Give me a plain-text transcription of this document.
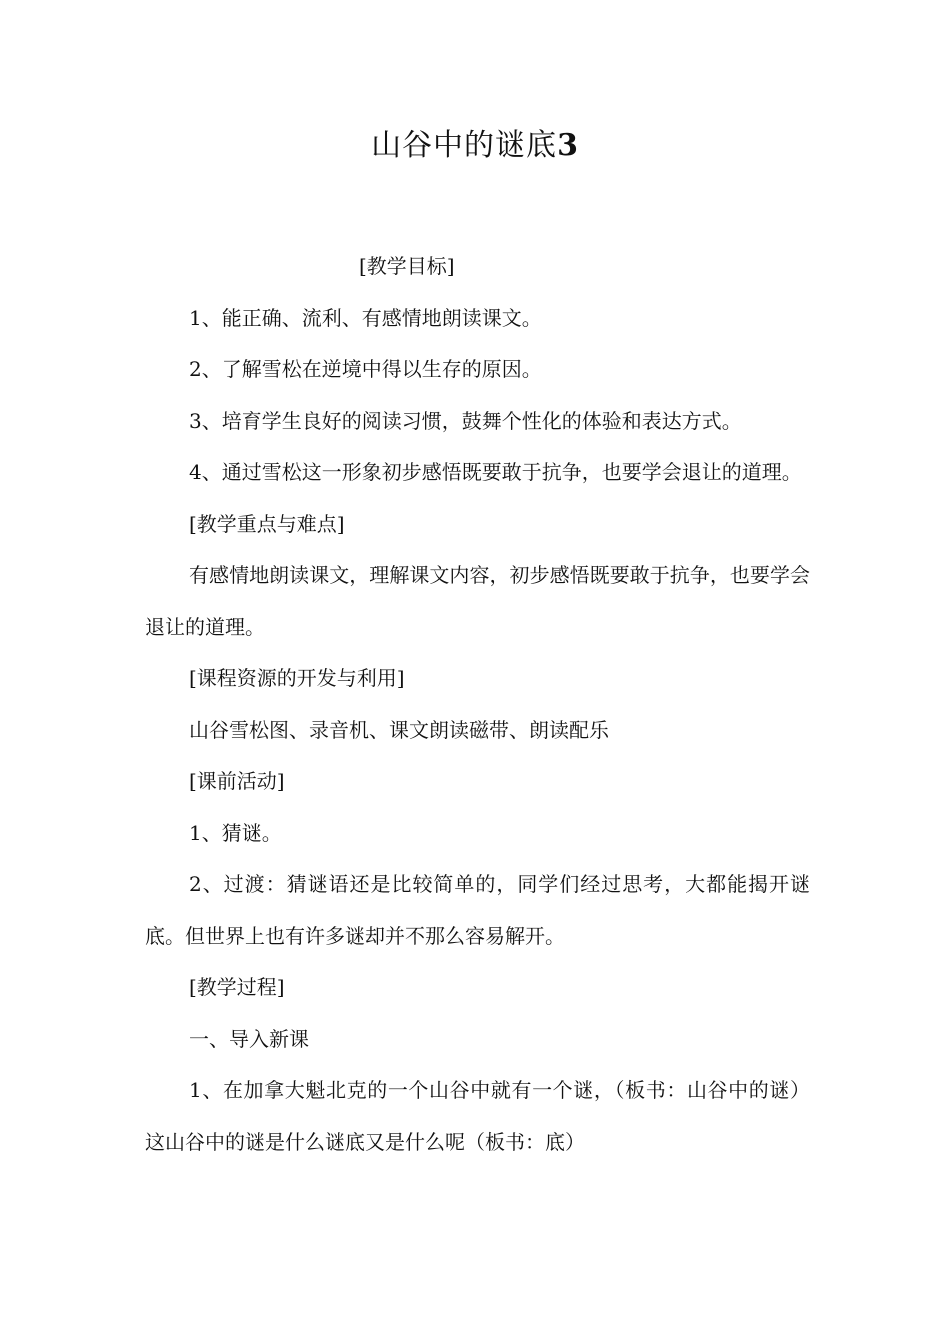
山谷中的谜底3

[教学目标]

1、能正确、流利、有感情地朗读课文。

2、了解雪松在逆境中得以生存的原因。

3、培育学生良好的阅读习惯，鼓舞个性化的体验和表达方式。

4、通过雪松这一形象初步感悟既要敢于抗争，也要学会退让的道理。

[教学重点与难点]

有感情地朗读课文，理解课文内容，初步感悟既要敢于抗争，也要学会退让的道理。

[课程资源的开发与利用]

山谷雪松图、录音机、课文朗读磁带、朗读配乐

[课前活动]

1、猜谜。

2、过渡：猜谜语还是比较简单的，同学们经过思考，大都能揭开谜底。但世界上也有许多谜却并不那么容易解开。

[教学过程]

一、导入新课

1、在加拿大魁北克的一个山谷中就有一个谜，（板书：山谷中的谜）这山谷中的谜是什么谜底又是什么呢（板书：底）
